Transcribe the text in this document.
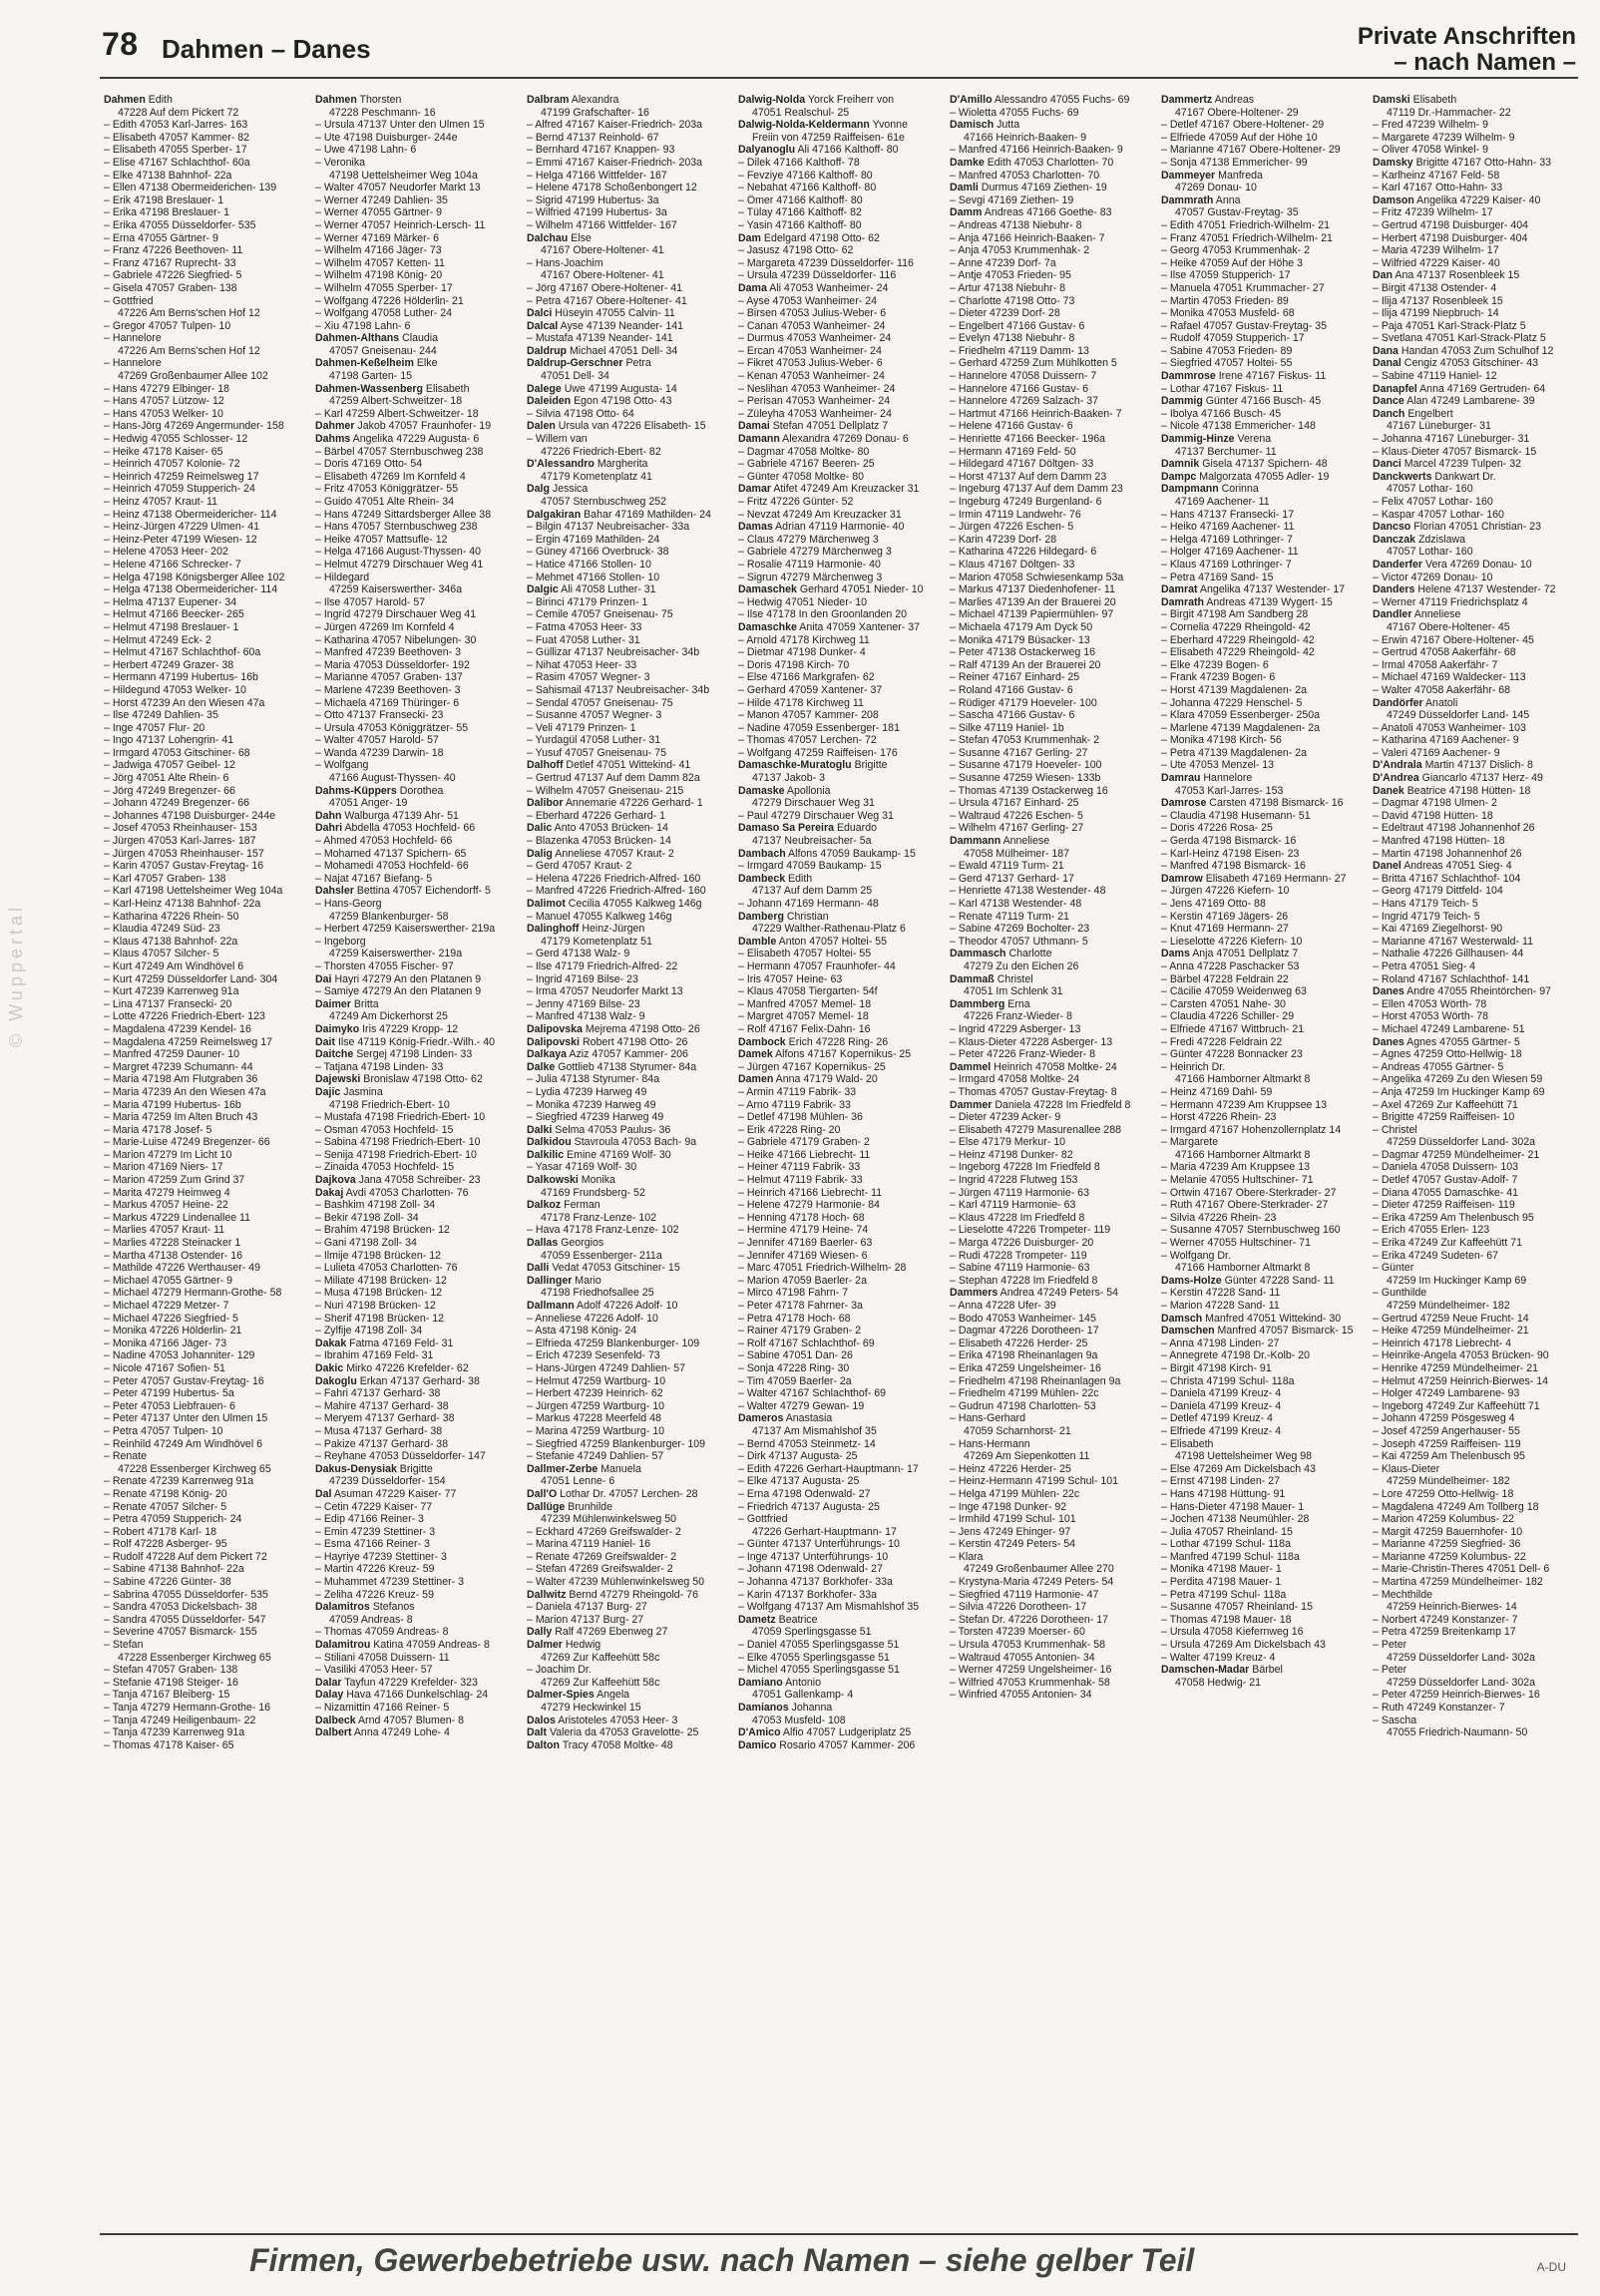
78 Dahmen – Danes	Private Anschriften
– nach Namen –
© Wuppertal
Dahmen Edith
47228 Auf dem Pickert 72
– Edith 47053 Karl-Jarres- 163
– Elisabeth 47057 Kammer- 82
– Elisabeth 47055 Sperber- 17
– Elise 47167 Schlachthof- 60a
– Elke 47138 Bahnhof- 22a
– Ellen 47138 Obermeiderichen- 139
– Erik 47198 Breslauer- 1
– Erika 47198 Breslauer- 1
– Erika 47055 Düsseldorfer- 535
– Erna 47055 Gärtner- 9
– Franz 47226 Beethoven- 11
– Franz 47167 Ruprecht- 33
– Gabriele 47226 Siegfried- 5
– Gisela 47057 Graben- 138
– Gottfried
47226 Am Berns'schen Hof 12
– Gregor 47057 Tulpen- 10
– Hannelore
47226 Am Berns'schen Hof 12
– Hannelore
47269 Großenbaumer Allee 102
– Hans 47279 Elbinger- 18
– Hans 47057 Lützow- 12
– Hans 47053 Welker- 10
– Hans-Jörg 47269 Angermunder- 158
– Hedwig 47055 Schlosser- 12
– Heike 47178 Kaiser- 65
– Heinrich 47057 Kolonie- 72
– Heinrich 47259 Reimelsweg 17
– Heinrich 47059 Stupperich- 24
– Heinz 47057 Kraut- 11
– Heinz 47138 Obermeidericher- 114
– Heinz-Jürgen 47229 Ulmen- 41
– Heinz-Peter 47199 Wiesen- 12
– Helene 47053 Heer- 202
– Helene 47166 Schrecker- 7
– Helga 47198 Königsberger Allee 102
– Helga 47138 Obermeidericher- 114
– Helma 47137 Eupener- 34
– Helmut 47166 Beecker- 265
– Helmut 47198 Breslauer- 1
– Helmut 47249 Eck- 2
– Helmut 47167 Schlachthof- 60a
– Herbert 47249 Grazer- 38
– Hermann 47199 Hubertus- 16b
– Hildegund 47053 Welker- 10
– Horst 47239 An den Wiesen 47a
– Ilse 47249 Dahlien- 35
– Inge 47057 Flur- 20
– Ingo 47137 Lohengrin- 41
– Irmgard 47053 Gitschiner- 68
– Jadwiga 47057 Geibel- 12
– Jörg 47051 Alte Rhein- 6
– Jörg 47249 Bregenzer- 66
– Johann 47249 Bregenzer- 66
– Johannes 47198 Duisburger- 244e
– Josef 47053 Rheinhauser- 153
– Jürgen 47053 Karl-Jarres- 187
– Jürgen 47053 Rheinhauser- 157
– Karin 47057 Gustav-Freytag- 16
– Karl 47057 Graben- 138
– Karl 47198 Uettelsheimer Weg 104a
– Karl-Heinz 47138 Bahnhof- 22a
– Katharina 47226 Rhein- 50
– Klaudia 47249 Süd- 23
– Klaus 47138 Bahnhof- 22a
– Klaus 47057 Silcher- 5
– Kurt 47249 Am Windhövel 6
– Kurt 47259 Düsseldorfer Land- 304
– Kurt 47239 Karrenweg 91a
– Lina 47137 Fransecki- 20
– Lotte 47226 Friedrich-Ebert- 123
– Magdalena 47239 Kendel- 16
– Magdalena 47259 Reimelsweg 17
– Manfred 47259 Dauner- 10
– Margret 47239 Schumann- 44
– Maria 47198 Am Flutgraben 36
– Maria 47239 An den Wiesen 47a
– Maria 47199 Hubertus- 16b
– Maria 47259 Im Alten Bruch 43
– Maria 47178 Josef- 5
– Marie-Luise 47249 Bregenzer- 66
– Marion 47279 Im Licht 10
– Marion 47169 Niers- 17
– Marion 47259 Zum Grind 37
– Marita 47279 Heimweg 4
– Markus 47057 Heine- 22
– Markus 47229 Lindenallee 11
– Marlies 47057 Kraut- 11
– Marlies 47228 Steinacker 1
– Martha 47138 Ostender- 16
– Mathilde 47226 Werthauser- 49
– Michael 47055 Gärtner- 9
– Michael 47279 Hermann-Grothe- 58
– Michael 47229 Metzer- 7
– Michael 47226 Siegfried- 5
– Monika 47226 Hölderlin- 21
– Monika 47166 Jäger- 73
– Nadine 47053 Johanniter- 129
– Nicole 47167 Sofien- 51
– Peter 47057 Gustav-Freytag- 16
– Peter 47199 Hubertus- 5a
– Peter 47053 Liebfrauen- 6
– Peter 47137 Unter den Ulmen 15
– Petra 47057 Tulpen- 10
– Reinhild 47249 Am Windhövel 6
– Renate
47228 Essenberger Kirchweg 65
– Renate 47239 Karrenweg 91a
– Renate 47198 König- 20
– Renate 47057 Silcher- 5
– Petra 47059 Stupperich- 24
– Robert 47178 Karl- 18
– Rolf 47228 Asberger- 95
– Rudolf 47228 Auf dem Pickert 72
– Sabine 47138 Bahnhof- 22a
– Sabine 47226 Günter- 38
– Sabrina 47055 Düsseldorfer- 535
– Sandra 47053 Dickelsbach- 38
– Sandra 47055 Düsseldorfer- 547
– Severine 47057 Bismarck- 155
– Stefan
47228 Essenberger Kirchweg 65
– Stefan 47057 Graben- 138
– Stefanie 47198 Steiger- 16
– Tanja 47167 Bleiberg- 15
– Tanja 47279 Hermann-Grothe- 16
– Tanja 47249 Heiligenbaum- 22
– Tanja 47239 Karrenweg 91a
– Thomas 47178 Kaiser- 65
Dahmen Thorsten
47228 Peschmann- 16
– Ursula 47137 Unter den Ulmen 15
– Ute 47198 Duisburger- 244e
– Uwe 47198 Lahn- 6
– Veronika
47198 Uettelsheimer Weg 104a
– Walter 47057 Neudorfer Markt 13
– Werner 47249 Dahlien- 35
– Werner 47055 Gärtner- 9
– Werner 47057 Heinrich-Lersch- 11
– Werner 47169 Märker- 6
– Wilhelm 47166 Jäger- 73
– Wilhelm 47057 Ketten- 11
– Wilhelm 47198 König- 20
– Wilhelm 47055 Sperber- 17
– Wolfgang 47226 Hölderlin- 21
– Wolfgang 47058 Luther- 24
– Xiu 47198 Lahn- 6
Dahmen-Althans Claudia
47057 Gneisenau- 244
Dahmen-Keßelheim Elke
47198 Garten- 15
Dahmen-Wassenberg Elisabeth
47259 Albert-Schweitzer- 18
– Karl 47259 Albert-Schweitzer- 18
Dahmer Jakob 47057 Fraunhofer- 19
Dahms Angelika 47229 Augusta- 6
– Bärbel 47057 Sternbuschweg 238
– Doris 47169 Otto- 54
– Elisabeth 47269 Im Kornfeld 4
– Fritz 47053 Königgrätzer- 55
– Guido 47051 Alte Rhein- 34
– Hans 47249 Sittardsberger Allee 38
– Hans 47057 Sternbuschweg 238
– Heike 47057 Mattsufle- 12
– Helga 47166 August-Thyssen- 40
– Helmut 47279 Dirschauer Weg 41
– Hildegard
47259 Kaiserswerther- 346a
– Ilse 47057 Harold- 57
– Ingrid 47279 Dirschauer Weg 41
– Jürgen 47269 Im Kornfeld 4
– Katharina 47057 Nibelungen- 30
– Manfred 47239 Beethoven- 3
– Maria 47053 Düsseldorfer- 192
– Marianne 47057 Graben- 137
– Marlene 47239 Beethoven- 3
– Michaela 47169 Thüringer- 6
– Otto 47137 Fransecki- 23
– Ursula 47053 Königgrätzer- 55
– Walter 47057 Harold- 57
– Wanda 47239 Darwin- 18
– Wolfgang
47166 August-Thyssen- 40
Dahms-Küppers Dorothea
47051 Anger- 19
Dahn Walburga 47139 Ahr- 51
Dahri Abdella 47053 Hochfeld- 66
– Ahmed 47053 Hochfeld- 66
– Mohamed 47137 Spichern- 65
– Mohamedi 47053 Hochfeld- 66
– Najat 47167 Biefang- 5
Dahsler Bettina 47057 Eichendorff- 5
– Hans-Georg
47259 Blankenburger- 58
– Herbert 47259 Kaiserswerther- 219a
– Ingeborg
47259 Kaiserswerther- 219a
– Thorsten 47055 Fischer- 97
Dai Hayri 47279 An den Platanen 9
– Samiye 47279 An den Platanen 9
Daimer Britta
47249 Am Dickerhorst 25
Daimyko Iris 47229 Kropp- 12
Dait Ilse 47119 König-Friedr.-Wilh.- 40
Daitche Sergej 47198 Linden- 33
– Tatjana 47198 Linden- 33
Dajewski Bronislaw 47198 Otto- 62
Dajic Jasmina
47198 Friedrich-Ebert- 10
– Mustafa 47198 Friedrich-Ebert- 10
– Osman 47053 Hochfeld- 15
– Sabina 47198 Friedrich-Ebert- 10
– Senija 47198 Friedrich-Ebert- 10
– Zinaida 47053 Hochfeld- 15
Dajkova Jana 47058 Schreiber- 23
Dakaj Avdi 47053 Charlotten- 76
– Bashkim 47198 Zoll- 34
– Bekir 47198 Zoll- 34
– Brahim 47198 Brücken- 12
– Gani 47198 Zoll- 34
– Ilmije 47198 Brücken- 12
– Lulieta 47053 Charlotten- 76
– Miliate 47198 Brücken- 12
– Musa 47198 Brücken- 12
– Nuri 47198 Brücken- 12
– Sherif 47198 Brücken- 12
– Zylfije 47198 Zoll- 34
Dakak Fatma 47169 Feld- 31
– Ibrahim 47169 Feld- 31
Dakic Mirko 47226 Krefelder- 62
Dakoglu Erkan 47137 Gerhard- 38
– Fahri 47137 Gerhard- 38
– Mahire 47137 Gerhard- 38
– Meryem 47137 Gerhard- 38
– Musa 47137 Gerhard- 38
– Pakize 47137 Gerhard- 38
– Reyhane 47053 Düsseldorfer- 147
Dakus-Denysiak Brigitte
47239 Düsseldorfer- 154
Dal Asuman 47229 Kaiser- 77
– Cetin 47229 Kaiser- 77
– Edip 47166 Reiner- 3
– Emin 47239 Stettiner- 3
– Esma 47166 Reiner- 3
– Hayriye 47239 Stettiner- 3
– Martin 47226 Kreuz- 59
– Muhammet 47239 Stettiner- 3
– Zeliha 47226 Kreuz- 59
Dalamitros Stefanos
47059 Andreas- 8
– Thomas 47059 Andreas- 8
Dalamitrou Katina 47059 Andreas- 8
– Stiliani 47058 Duissern- 11
– Vasiliki 47053 Heer- 57
Dalar Tayfun 47229 Krefelder- 323
Dalay Hava 47166 Dunkelschlag- 24
– Nizamittin 47166 Reiner- 5
Dalbeck Arnd 47057 Blumen- 8
Dalbert Anna 47249 Lohe- 4
Dalbram Alexandra
47199 Grafschafter- 16
– Alfred 47167 Kaiser-Friedrich- 203a
– Bernd 47137 Reinhold- 67
– Bernhard 47167 Knappen- 93
– Emmi 47167 Kaiser-Friedrich- 203a
– Helga 47166 Wittfelder- 167
– Helene 47178 Schoßenbongert 12
– Sigrid 47199 Hubertus- 3a
– Wilfried 47199 Hubertus- 3a
– Wilhelm 47166 Wittfelder- 167
Dalchau Else
47167 Obere-Holtener- 41
– Hans-Joachim
47167 Obere-Holtener- 41
– Jörg 47167 Obere-Holtener- 41
– Petra 47167 Obere-Holtener- 41
Dalci Hüseyin 47055 Calvin- 11
Dalcal Ayse 47139 Neander- 141
– Mustafa 47139 Neander- 141
Daldrup Michael 47051 Dell- 34
Daldrup-Gerschner Petra
47051 Dell- 34
Dalege Uwe 47199 Augusta- 14
Daleiden Egon 47198 Otto- 43
– Silvia 47198 Otto- 64
Dalen Ursula van 47226 Elisabeth- 15
– Willem van
47226 Friedrich-Ebert- 82
D'Alessandro Margherita
47179 Kometenplatz 41
Dalg Jessica
47057 Sternbuschweg 252
Dalgakiran Bahar 47169 Mathilden- 24
– Bilgin 47137 Neubreisacher- 33a
– Ergin 47169 Mathilden- 24
– Güney 47166 Overbruck- 38
– Hatice 47166 Stollen- 10
– Mehmet 47166 Stollen- 10
Dalgic Ali 47058 Luther- 31
– Birinci 47179 Prinzen- 1
– Cemile 47057 Gneisenau- 75
– Fatma 47053 Heer- 33
– Fuat 47058 Luther- 31
– Güllizar 47137 Neubreisacher- 34b
– Nihat 47053 Heer- 33
– Rasim 47057 Wegner- 3
– Sahismail 47137 Neubreisacher- 34b
– Sendal 47057 Gneisenau- 75
– Susanne 47057 Wegner- 3
– Veli 47179 Prinzen- 1
– Yurdagül 47058 Luther- 31
– Yusuf 47057 Gneisenau- 75
Dalhoff Detlef 47051 Wittekind- 41
– Gertrud 47137 Auf dem Damm 82a
– Wilhelm 47057 Gneisenau- 215
Dalibor Annemarie 47226 Gerhard- 1
– Eberhard 47226 Gerhard- 1
Dalic Anto 47053 Brücken- 14
– Blazenka 47053 Brücken- 14
Dalig Anneliese 47057 Kraut- 2
– Gerd 47057 Kraut- 2
– Helena 47226 Friedrich-Alfred- 160
– Manfred 47226 Friedrich-Alfred- 160
Dalimot Cecilia 47055 Kalkweg 146g
– Manuel 47055 Kalkweg 146g
Dalinghoff Heinz-Jürgen
47179 Kometenplatz 51
– Gerd 47138 Walz- 9
– Ilse 47179 Friedrich-Alfred- 22
– Ingrid 47169 Bilse- 23
– Irma 47057 Neudorfer Markt 13
– Jenny 47169 Bilse- 23
– Manfred 47138 Walz- 9
Dalipovska Mejrema 47198 Otto- 26
Dalipovski Robert 47198 Otto- 26
Dalkaya Aziz 47057 Kammer- 206
Dalke Gottlieb 47138 Styrumer- 84a
– Julia 47138 Styrumer- 84a
– Lydia 47239 Harweg 49
– Monika 47239 Harweg 49
– Siegfried 47239 Harweg 49
Dalki Selma 47053 Paulus- 36
Dalkidou Stavroula 47053 Bach- 9a
Dalkilic Emine 47169 Wolf- 30
– Yasar 47169 Wolf- 30
Dalkowski Monika
47169 Frundsberg- 52
Dalkoz Ferman
47178 Franz-Lenze- 102
– Hava 47178 Franz-Lenze- 102
Dallas Georgios
47059 Essenberger- 211a
Dalli Vedat 47053 Gitschiner- 15
Dallinger Mario
47198 Friedhofsallee 25
Dallmann Adolf 47226 Adolf- 10
– Anneliese 47226 Adolf- 10
– Asta 47198 König- 24
– Elfrieda 47259 Blankenburger- 109
– Erich 47239 Sesenfeld- 73
– Hans-Jürgen 47249 Dahlien- 57
– Helmut 47259 Wartburg- 10
– Herbert 47239 Heinrich- 62
– Jürgen 47259 Wartburg- 10
– Markus 47228 Meerfeld 48
– Marina 47259 Wartburg- 10
– Siegfried 47259 Blankenburger- 109
– Stefanie 47249 Dahlien- 57
Dallmer-Zerbe Manuela
47051 Lenne- 6
Dall'O Lothar Dr. 47057 Lerchen- 28
Dallüge Brunhilde
47239 Mühlenwinkelsweg 50
– Eckhard 47269 Greifswalder- 2
– Marina 47119 Haniel- 16
– Renate 47269 Greifswalder- 2
– Stefan 47269 Greifswalder- 2
– Walter 47239 Mühlenwinkelsweg 50
Dallwitz Bernd 47279 Rheingold- 76
– Daniela 47137 Burg- 27
– Marion 47137 Burg- 27
Dally Ralf 47269 Ebenweg 27
Dalmer Hedwig
47269 Zur Kaffeehütt 58c
– Joachim Dr.
47269 Zur Kaffeehütt 58c
Dalmer-Spies Angela
47279 Heckwinkel 15
Dalos Aristoteles 47053 Heer- 3
Dalt Valeria da 47053 Gravelotte- 25
Dalton Tracy 47058 Moltke- 48
Dalwig-Nolda Yorck Freiherr von
47051 Realschul- 25
Dalwig-Nolda-Keldermann Yvonne
Freiin von 47259 Raiffeisen- 61e
Dalyanoglu Ali 47166 Kalthoff- 80
– Dilek 47166 Kalthoff- 78
– Fevziye 47166 Kalthoff- 80
– Nebahat 47166 Kalthoff- 80
– Ömer 47166 Kalthoff- 80
– Tülay 47166 Kalthoff- 82
– Yasin 47166 Kalthoff- 80
Dam Edelgard 47198 Otto- 62
– Jasusz 47198 Otto- 62
– Margareta 47239 Düsseldorfer- 116
– Ursula 47239 Düsseldorfer- 116
Dama Ali 47053 Wanheimer- 24
– Ayse 47053 Wanheimer- 24
– Birsen 47053 Julius-Weber- 6
– Canan 47053 Wanheimer- 24
– Durmus 47053 Wanheimer- 24
– Ercan 47053 Wanheimer- 24
– Fikret 47053 Julius-Weber- 6
– Kenan 47053 Wanheimer- 24
– Neslihan 47053 Wanheimer- 24
– Perisan 47053 Wanheimer- 24
– Züleyha 47053 Wanheimer- 24
Damai Stefan 47051 Dellplatz 7
Damann Alexandra 47269 Donau- 6
– Dagmar 47058 Moltke- 80
– Gabriele 47167 Beeren- 25
– Günter 47058 Moltke- 80
Damar Atifet 47249 Am Kreuzacker 31
– Fritz 47226 Günter- 52
– Nevzat 47249 Am Kreuzacker 31
Damas Adrian 47119 Harmonie- 40
– Claus 47279 Märchenweg 3
– Gabriele 47279 Märchenweg 3
– Rosalie 47119 Harmonie- 40
– Sigrun 47279 Märchenweg 3
Damaschek Gerhard 47051 Nieder- 10
– Hedwig 47051 Nieder- 10
– Ilse 47178 In den Groonlanden 20
Damaschke Anita 47059 Xantener- 37
– Arnold 47178 Kirchweg 11
– Dietmar 47198 Dunker- 4
– Doris 47198 Kirch- 70
– Else 47166 Markgrafen- 62
– Gerhard 47059 Xantener- 37
– Hilde 47178 Kirchweg 11
– Manon 47057 Kammer- 208
– Nadine 47059 Essenberger- 181
– Thomas 47057 Lerchen- 72
– Wolfgang 47259 Raiffeisen- 176
Damaschke-Muratoglu Brigitte
47137 Jakob- 3
Damaske Apollonia
47279 Dirschauer Weg 31
– Paul 47279 Dirschauer Weg 31
Damaso Sa Pereira Eduardo
47137 Neubreisacher- 5a
Dambach Alfons 47059 Baukamp- 15
– Irmgard 47059 Baukamp- 15
Dambeck Edith
47137 Auf dem Damm 25
– Johann 47169 Hermann- 48
Damberg Christian
47229 Walther-Rathenau-Platz 6
Damble Anton 47057 Holtei- 55
– Elisabeth 47057 Holtei- 55
– Hermann 47057 Fraunhofer- 44
– Iris 47057 Heine- 63
– Klaus 47058 Tiergarten- 54f
– Manfred 47057 Memel- 18
– Margret 47057 Memel- 18
– Rolf 47167 Felix-Dahn- 16
Dambock Erich 47228 Ring- 26
Damek Alfons 47167 Kopernikus- 25
– Jürgen 47167 Kopernikus- 25
Damen Anna 47179 Wald- 20
– Armin 47119 Fabrik- 33
– Arno 47119 Fabrik- 33
– Detlef 47198 Mühlen- 36
– Erik 47228 Ring- 20
– Gabriele 47179 Graben- 2
– Heike 47166 Liebrecht- 11
– Heiner 47119 Fabrik- 33
– Helmut 47119 Fabrik- 33
– Heinrich 47166 Liebrecht- 11
– Helene 47279 Harmonie- 84
– Henning 47178 Hoch- 68
– Hermine 47179 Heine- 74
– Jennifer 47169 Baerler- 63
– Jennifer 47169 Wiesen- 6
– Marc 47051 Friedrich-Wilhelm- 28
– Marion 47059 Baerler- 2a
– Mirco 47198 Fahrn- 7
– Peter 47178 Fahrner- 3a
– Petra 47178 Hoch- 68
– Rainer 47179 Graben- 2
– Rolf 47167 Schlachthof- 69
– Sabine 47051 Dan- 26
– Sonja 47228 Ring- 30
– Tim 47059 Baerler- 2a
– Walter 47167 Schlachthof- 69
– Walter 47279 Gewan- 19
Dameros Anastasia
47137 Am Mismahlshof 35
– Bernd 47053 Steinmetz- 14
– Dirk 47137 Augusta- 25
– Edith 47226 Gerhart-Hauptmann- 17
– Elke 47137 Augusta- 25
– Erna 47198 Odenwald- 27
– Friedrich 47137 Augusta- 25
– Gottfried
47226 Gerhart-Hauptmann- 17
– Günter 47137 Unterführungs- 10
– Inge 47137 Unterführungs- 10
– Johann 47198 Odenwald- 27
– Johanna 47137 Borkhofer- 33a
– Karin 47137 Borkhofer- 33a
– Wolfgang 47137 Am Mismahlshof 35
Dametz Beatrice
47059 Sperlingsgasse 51
– Daniel 47055 Sperlingsgasse 51
– Elke 47055 Sperlingsgasse 51
– Michel 47055 Sperlingsgasse 51
Damiano Antonio
47051 Gallenkamp- 4
Damianos Johanna
47053 Musfeld- 108
D'Amico Alfio 47057 Ludgeriplatz 25
Damico Rosario 47057 Kammer- 206
D'Amillo Alessandro 47055 Fuchs- 69
– Wioletta 47055 Fuchs- 69
Damisch Jutta
47166 Heinrich-Baaken- 9
– Manfred 47166 Heinrich-Baaken- 9
Damke Edith 47053 Charlotten- 70
– Manfred 47053 Charlotten- 70
Damli Durmus 47169 Ziethen- 19
– Sevgi 47169 Ziethen- 19
Damm Andreas 47166 Goethe- 83
– Andreas 47138 Niebuhr- 8
– Anja 47166 Heinrich-Baaken- 7
– Anja 47053 Krummenhak- 2
– Anne 47239 Dorf- 7a
– Antje 47053 Frieden- 95
– Artur 47138 Niebuhr- 8
– Charlotte 47198 Otto- 73
– Dieter 47239 Dorf- 28
– Engelbert 47166 Gustav- 6
– Evelyn 47138 Niebuhr- 8
– Friedhelm 47119 Damm- 13
– Gerhard 47259 Zum Mühlkotten 5
– Hannelore 47058 Duissern- 7
– Hannelore 47166 Gustav- 6
– Hannelore 47269 Salzach- 37
– Hartmut 47166 Heinrich-Baaken- 7
– Helene 47166 Gustav- 6
– Henriette 47166 Beecker- 196a
– Hermann 47169 Feld- 50
– Hildegard 47167 Döltgen- 33
– Horst 47137 Auf dem Damm 23
– Ingeburg 47137 Auf dem Damm 23
– Ingeburg 47249 Burgenland- 6
– Irmin 47119 Landwehr- 76
– Jürgen 47226 Eschen- 5
– Karin 47239 Dorf- 28
– Katharina 47226 Hildegard- 6
– Klaus 47167 Döltgen- 33
– Marion 47058 Schwiesenkamp 53a
– Markus 47137 Diedenhofener- 11
– Marlies 47139 An der Brauerei 20
– Michael 47139 Papiermühlen- 97
– Michaela 47179 Am Dyck 50
– Monika 47179 Büsacker- 13
– Peter 47138 Ostackerweg 16
– Ralf 47139 An der Brauerei 20
– Reiner 47167 Einhard- 25
– Roland 47166 Gustav- 6
– Rüdiger 47179 Hoeveler- 100
– Sascha 47166 Gustav- 6
– Silke 47119 Haniel- 1b
– Stefan 47053 Krummenhak- 2
– Susanne 47167 Gerling- 27
– Susanne 47179 Hoeveler- 100
– Susanne 47259 Wiesen- 133b
– Thomas 47139 Ostackerweg 16
– Ursula 47167 Einhard- 25
– Waltraud 47226 Eschen- 5
– Wilhelm 47167 Gerling- 27
Dammann Anneliese
47058 Mülheimer- 187
– Ewald 47119 Turm- 21
– Gerd 47137 Gerhard- 17
– Henriette 47138 Westender- 48
– Karl 47138 Westender- 48
– Renate 47119 Turm- 21
– Sabine 47269 Bocholter- 23
– Theodor 47057 Uthmann- 5
Dammasch Charlotte
47279 Zu den Eichen 26
Dammaß Christel
47051 Im Schlenk 31
Dammberg Erna
47226 Franz-Wieder- 8
– Ingrid 47229 Asberger- 13
– Klaus-Dieter 47228 Asberger- 13
– Peter 47226 Franz-Wieder- 8
Dammel Heinrich 47058 Moltke- 24
– Irmgard 47058 Moltke- 24
– Thomas 47057 Gustav-Freytag- 8
Dammer Daniela 47228 Im Friedfeld 8
– Dieter 47239 Acker- 9
– Elisabeth 47279 Masurenallee 288
– Else 47179 Merkur- 10
– Heinz 47198 Dunker- 82
– Ingeborg 47228 Im Friedfeld 8
– Ingrid 47228 Flutweg 153
– Jürgen 47119 Harmonie- 63
– Karl 47119 Harmonie- 63
– Klaus 47228 Im Friedfeld 8
– Lieselotte 47226 Trompeter- 119
– Marga 47226 Duisburger- 20
– Rudi 47228 Trompeter- 119
– Sabine 47119 Harmonie- 63
– Stephan 47228 Im Friedfeld 8
Dammers Andrea 47249 Peters- 54
– Anna 47228 Ufer- 39
– Bodo 47053 Wanheimer- 145
– Dagmar 47226 Dorotheen- 17
– Elisabeth 47226 Herder- 25
– Erika 47198 Rheinanlagen 9a
– Erika 47259 Ungelsheimer- 16
– Friedhelm 47198 Rheinanlagen 9a
– Friedhelm 47199 Mühlen- 22c
– Gudrun 47198 Charlotten- 53
– Hans-Gerhard
47059 Scharnhorst- 21
– Hans-Hermann
47269 Am Siepenkotten 11
– Heinz 47226 Herder- 25
– Heinz-Hermann 47199 Schul- 101
– Helga 47199 Mühlen- 22c
– Inge 47198 Dunker- 92
– Irmhild 47199 Schul- 101
– Jens 47249 Ehinger- 97
– Kerstin 47249 Peters- 54
– Klara
47249 Großenbaumer Allee 270
– Krystyna-Maria 47249 Peters- 54
– Siegfried 47119 Harmonie- 47
– Silvia 47226 Dorotheen- 17
– Stefan Dr. 47226 Dorotheen- 17
– Torsten 47239 Moerser- 60
– Ursula 47053 Krummenhak- 58
– Waltraud 47055 Antonien- 34
– Werner 47259 Ungelsheimer- 16
– Wilfried 47053 Krummenhak- 58
– Winfried 47055 Antonien- 34
Dammertz Andreas
47167 Obere-Holtener- 29
– Detlef 47167 Obere-Holtener- 29
– Elfriede 47059 Auf der Höhe 10
– Marianne 47167 Obere-Holtener- 29
– Sonja 47138 Emmericher- 99
Dammeyer Manfreda
47269 Donau- 10
Dammrath Anna
47057 Gustav-Freytag- 35
– Edith 47051 Friedrich-Wilhelm- 21
– Franz 47051 Friedrich-Wilhelm- 21
– Georg 47053 Krummenhak- 2
– Heike 47059 Auf der Höhe 3
– Ilse 47059 Stupperich- 17
– Manuela 47051 Krummacher- 27
– Martin 47053 Frieden- 89
– Monika 47053 Musfeld- 68
– Rafael 47057 Gustav-Freytag- 35
– Rudolf 47059 Stupperich- 17
– Sabine 47053 Frieden- 89
– Siegfried 47057 Holtei- 55
Dammrose Irene 47167 Fiskus- 11
– Lothar 47167 Fiskus- 11
Dammig Günter 47166 Busch- 45
– Ibolya 47166 Busch- 45
– Nicole 47138 Emmericher- 148
Dammig-Hinze Verena
47137 Berchumer- 11
Damnik Gisela 47137 Spichern- 48
Dampc Malgorzata 47055 Adler- 19
Dampmann Corinna
47169 Aachener- 11
– Hans 47137 Fransecki- 17
– Heiko 47169 Aachener- 11
– Helga 47169 Lothringer- 7
– Holger 47169 Aachener- 11
– Klaus 47169 Lothringer- 7
– Petra 47169 Sand- 15
Damrat Angelika 47137 Westender- 17
Damrath Andreas 47139 Wygert- 15
– Birgit 47198 Am Sandberg 28
– Cornelia 47229 Rheingold- 42
– Eberhard 47229 Rheingold- 42
– Elisabeth 47229 Rheingold- 42
– Elke 47239 Bogen- 6
– Frank 47239 Bogen- 6
– Horst 47139 Magdalenen- 2a
– Johanna 47229 Henschel- 5
– Klara 47059 Essenberger- 250a
– Marlene 47139 Magdalenen- 2a
– Monika 47198 Kirch- 56
– Petra 47139 Magdalenen- 2a
– Ute 47053 Menzel- 13
Damrau Hannelore
47053 Karl-Jarres- 153
Damrose Carsten 47198 Bismarck- 16
– Claudia 47198 Husemann- 51
– Doris 47226 Rosa- 25
– Gerda 47198 Bismarck- 16
– Karl-Heinz 47198 Eisen- 23
– Manfred 47198 Bismarck- 16
Damrow Elisabeth 47169 Hermann- 27
– Jürgen 47226 Kiefern- 10
– Jens 47169 Otto- 88
– Kerstin 47169 Jägers- 26
– Knut 47169 Hermann- 27
– Lieselotte 47226 Kiefern- 10
Dams Anja 47051 Dellplatz 7
– Anna 47228 Paschacker 53
– Bärbel 47228 Feldrain 22
– Cäcilie 47059 Weidenweg 63
– Carsten 47051 Nahe- 30
– Claudia 47226 Schiller- 29
– Elfriede 47167 Wittbruch- 21
– Fredi 47228 Feldrain 22
– Günter 47228 Bonnacker 23
– Heinrich Dr.
47166 Hamborner Altmarkt 8
– Heinz 47169 Dahl- 59
– Hermann 47239 Am Kruppsee 13
– Horst 47226 Rhein- 23
– Irmgard 47167 Hohenzollernplatz 14
– Margarete
47166 Hamborner Altmarkt 8
– Maria 47239 Am Kruppsee 13
– Melanie 47055 Hultschiner- 71
– Ortwin 47167 Obere-Sterkrader- 27
– Ruth 47167 Obere-Sterkrader- 27
– Silvia 47226 Rhein- 23
– Susanne 47057 Sternbuschweg 160
– Werner 47055 Hultschiner- 71
– Wolfgang Dr.
47166 Hamborner Altmarkt 8
Dams-Holze Günter 47228 Sand- 11
– Kerstin 47228 Sand- 11
– Marion 47228 Sand- 11
Damsch Manfred 47051 Wittekind- 30
Damschen Manfred 47057 Bismarck- 15
– Anna 47198 Linden- 27
– Annegrete 47198 Dr.-Kolb- 20
– Birgit 47198 Kirch- 91
– Christa 47199 Schul- 118a
– Daniela 47199 Kreuz- 4
– Daniela 47199 Kreuz- 4
– Detlef 47199 Kreuz- 4
– Elfriede 47199 Kreuz- 4
– Elisabeth
47198 Uettelsheimer Weg 98
– Else 47269 Am Dickelsbach 43
– Ernst 47198 Linden- 27
– Hans 47198 Hüttung- 91
– Hans-Dieter 47198 Mauer- 1
– Jochen 47138 Neumühler- 28
– Julia 47057 Rheinland- 15
– Lothar 47199 Schul- 118a
– Manfred 47199 Schul- 118a
– Monika 47198 Mauer- 1
– Perdita 47198 Mauer- 1
– Petra 47199 Schul- 118a
– Susanne 47057 Rheinland- 15
– Thomas 47198 Mauer- 18
– Ursula 47058 Kiefernweg 16
– Ursula 47269 Am Dickelsbach 43
– Walter 47199 Kreuz- 4
Damschen-Madar Bärbel
47058 Hedwig- 21
Damski Elisabeth
47119 Dr.-Hammacher- 22
– Fred 47239 Wilhelm- 9
– Margarete 47239 Wilhelm- 9
– Oliver 47058 Winkel- 9
Damsky Brigitte 47167 Otto-Hahn- 33
– Karlheinz 47167 Feld- 58
– Karl 47167 Otto-Hahn- 33
Damson Angelika 47229 Kaiser- 40
– Fritz 47239 Wilhelm- 17
– Gertrud 47198 Duisburger- 404
– Herbert 47198 Duisburger- 404
– Maria 47239 Wilhelm- 17
– Wilfried 47229 Kaiser- 40
Dan Ana 47137 Rosenbleek 15
– Birgit 47138 Ostender- 4
– Ilija 47137 Rosenbleek 15
– Ilija 47199 Niepbruch- 14
– Paja 47051 Karl-Strack-Platz 5
– Svetlana 47051 Karl-Strack-Platz 5
Dana Handan 47053 Zum Schulhof 12
Danal Cengiz 47053 Gitschiner- 43
– Sabine 47119 Haniel- 12
Danapfel Anna 47169 Gertruden- 64
Dance Alan 47249 Lambarene- 39
Danch Engelbert
47167 Lüneburger- 31
– Johanna 47167 Lüneburger- 31
– Klaus-Dieter 47057 Bismarck- 15
Danci Marcel 47239 Tulpen- 32
Danckwerts Dankwart Dr.
47057 Lothar- 160
– Felix 47057 Lothar- 160
– Kaspar 47057 Lothar- 160
Dancso Florian 47051 Christian- 23
Danczak Zdzislawa
47057 Lothar- 160
Danderfer Vera 47269 Donau- 10
– Victor 47269 Donau- 10
Danders Helene 47137 Westender- 72
– Werner 47119 Friedrichsplatz 4
Dandler Anneliese
47167 Obere-Holtener- 45
– Erwin 47167 Obere-Holtener- 45
– Gertrud 47058 Aakerfähr- 68
– Irmal 47058 Aakerfähr- 7
– Michael 47169 Waldecker- 113
– Walter 47058 Aakerfähr- 68
Dandörfer Anatoli
47249 Düsseldorfer Land- 145
– Anatoli 47053 Wanheimer- 103
– Katharina 47169 Aachener- 9
– Valeri 47169 Aachener- 9
D'Andrala Martin 47137 Dislich- 8
D'Andrea Giancarlo 47137 Herz- 49
Danek Beatrice 47198 Hütten- 18
– Dagmar 47198 Ulmen- 2
– David 47198 Hütten- 18
– Edeltraut 47198 Johannenhof 26
– Manfred 47198 Hütten- 18
– Martin 47198 Johannenhof 26
Danel Andreas 47051 Sieg- 4
– Britta 47167 Schlachthof- 104
– Georg 47179 Dittfeld- 104
– Hans 47179 Teich- 5
– Ingrid 47179 Teich- 5
– Kai 47169 Ziegelhorst- 90
– Marianne 47167 Westerwald- 11
– Nathalie 47226 Gillhausen- 44
– Petra 47051 Sieg- 4
– Roland 47167 Schlachthof- 141
Danes Andre 47055 Rheintörchen- 97
– Ellen 47053 Wörth- 78
– Horst 47053 Wörth- 78
– Michael 47249 Lambarene- 51
Danes Agnes 47055 Gärtner- 5
– Agnes 47259 Otto-Hellwig- 18
– Andreas 47055 Gärtner- 5
– Angelika 47269 Zu den Wiesen 59
– Anja 47259 Im Huckinger Kamp 69
– Axel 47269 Zur Kaffeehütt 71
– Brigitte 47259 Raiffeisen- 10
– Christel
47259 Düsseldorfer Land- 302a
– Dagmar 47259 Mündelheimer- 21
– Daniela 47058 Duissern- 103
– Detlef 47057 Gustav-Adolf- 7
– Diana 47055 Damaschke- 41
– Dieter 47259 Raiffeisen- 119
– Erika 47259 Am Thelenbusch 95
– Erich 47055 Erlen- 123
– Erika 47249 Zur Kaffeehütt 71
– Erika 47249 Sudeten- 67
– Günter
47259 Im Huckinger Kamp 69
– Gunthilde
47259 Mündelheimer- 182
– Gertrud 47259 Neue Frucht- 14
– Heike 47259 Mündelheimer- 21
– Heinrich 47178 Liebrecht- 4
– Heinrike-Angela 47053 Brücken- 90
– Henrike 47259 Mündelheimer- 21
– Helmut 47259 Heinrich-Bierwes- 14
– Holger 47249 Lambarene- 93
– Ingeborg 47249 Zur Kaffeehütt 71
– Johann 47259 Pösgesweg 4
– Josef 47259 Angerhauser- 55
– Joseph 47259 Raiffeisen- 119
– Kai 47259 Am Thelenbusch 95
– Klaus-Dieter
47259 Mündelheimer- 182
– Lore 47259 Otto-Hellwig- 18
– Magdalena 47249 Am Tollberg 18
– Marion 47259 Kolumbus- 22
– Margit 47259 Bauernhofer- 10
– Marianne 47259 Siegfried- 36
– Marianne 47259 Kolumbus- 22
– Marie-Christin-Theres 47051 Dell- 6
– Martina 47259 Mündelheimer- 182
– Mechthilde
47259 Heinrich-Bierwes- 14
– Norbert 47249 Konstanzer- 7
– Petra 47259 Breitenkamp 17
– Peter
47259 Düsseldorfer Land- 302a
– Peter
47259 Düsseldorfer Land- 302a
– Peter 47259 Heinrich-Bierwes- 16
– Ruth 47249 Konstanzer- 7
– Sascha
47055 Friedrich-Naumann- 50
Firmen, Gewerbebetriebe usw. nach Namen – siehe gelber Teil	A-DU
